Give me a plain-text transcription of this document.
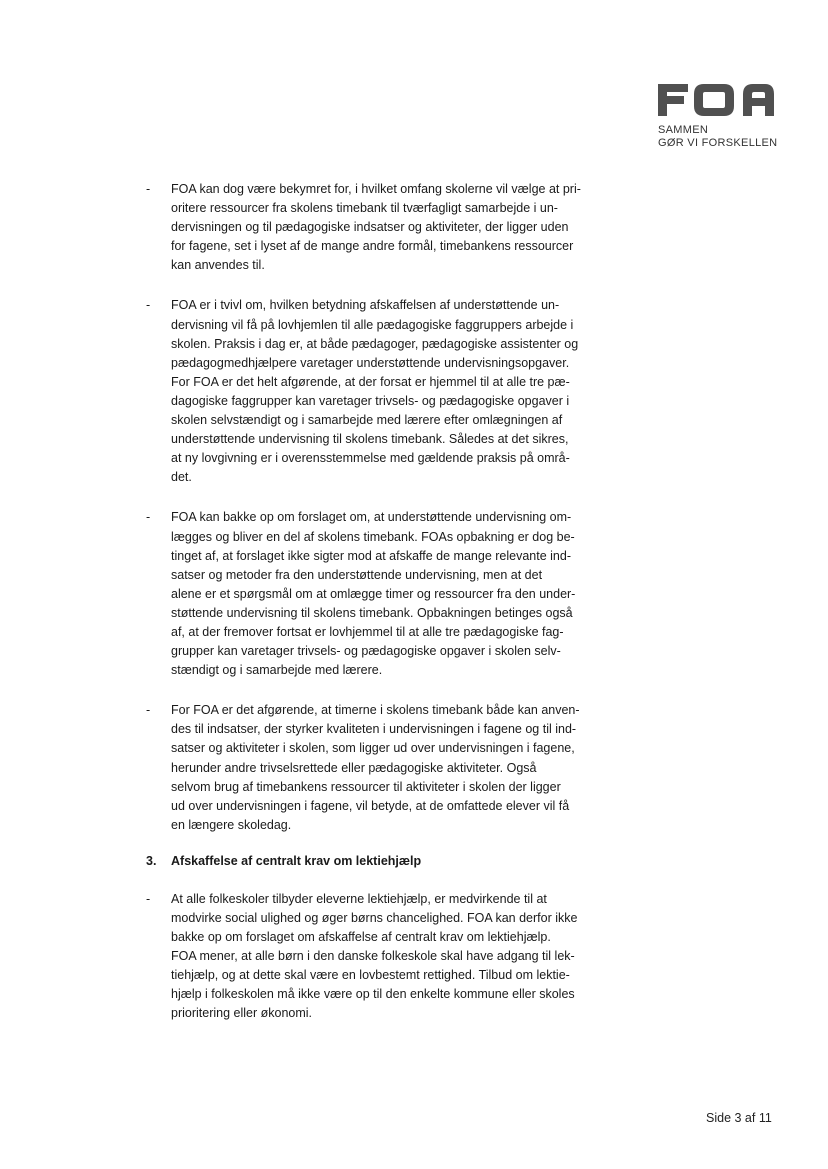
SAMMEN
GØR VI FORSKELLEN
-	FOA kan dog være bekymret for, i hvilket omfang skolerne vil vælge at pri-
oritere ressourcer fra skolens timebank til tværfagligt samarbejde i un-
dervisningen og til pædagogiske indsatser og aktiviteter, der ligger uden
for fagene, set i lyset af de mange andre formål, timebankens ressourcer
kan anvendes til.
-	FOA er i tvivl om, hvilken betydning afskaffelsen af understøttende un-
dervisning vil få på lovhjemlen til alle pædagogiske faggruppers arbejde i
skolen. Praksis i dag er, at både pædagoger, pædagogiske assistenter og
pædagogmedhjælpere varetager understøttende undervisningsopgaver.
For FOA er det helt afgørende, at der forsat er hjemmel til at alle tre pæ-
dagogiske faggrupper kan varetager trivsels- og pædagogiske opgaver i
skolen selvstændigt og i samarbejde med lærere efter omlægningen af
understøttende undervisning til skolens timebank. Således at det sikres,
at ny lovgivning er i overensstemmelse med gældende praksis på områ-
det.
-	FOA kan bakke op om forslaget om, at understøttende undervisning om-
lægges og bliver en del af skolens timebank. FOAs opbakning er dog be-
tinget af, at forslaget ikke sigter mod at afskaffe de mange relevante ind-
satser og metoder fra den understøttende undervisning, men at det
alene er et spørgsmål om at omlægge timer og ressourcer fra den under-
støttende undervisning til skolens timebank. Opbakningen betinges også
af, at der fremover fortsat er lovhjemmel til at alle tre pædagogiske fag-
grupper kan varetager trivsels- og pædagogiske opgaver i skolen selv-
stændigt og i samarbejde med lærere.
-	For FOA er det afgørende, at timerne i skolens timebank både kan anven-
des til indsatser, der styrker kvaliteten i undervisningen i fagene og til ind-
satser og aktiviteter i skolen, som ligger ud over undervisningen i fagene,
herunder andre trivselsrettede eller pædagogiske aktiviteter. Også
selvom brug af timebankens ressourcer til aktiviteter i skolen der ligger
ud over undervisningen i fagene, vil betyde, at de omfattede elever vil få
en længere skoledag.
3.	Afskaffelse af centralt krav om lektiehjælp
-	At alle folkeskoler tilbyder eleverne lektiehjælp, er medvirkende til at
modvirke social ulighed og øger børns chancelighed. FOA kan derfor ikke
bakke op om forslaget om afskaffelse af centralt krav om lektiehjælp.
FOA mener, at alle børn i den danske folkeskole skal have adgang til lek-
tiehjælp, og at dette skal være en lovbestemt rettighed. Tilbud om lektie-
hjælp i folkeskolen må ikke være op til den enkelte kommune eller skoles
prioritering eller økonomi.
Side 3 af 11
